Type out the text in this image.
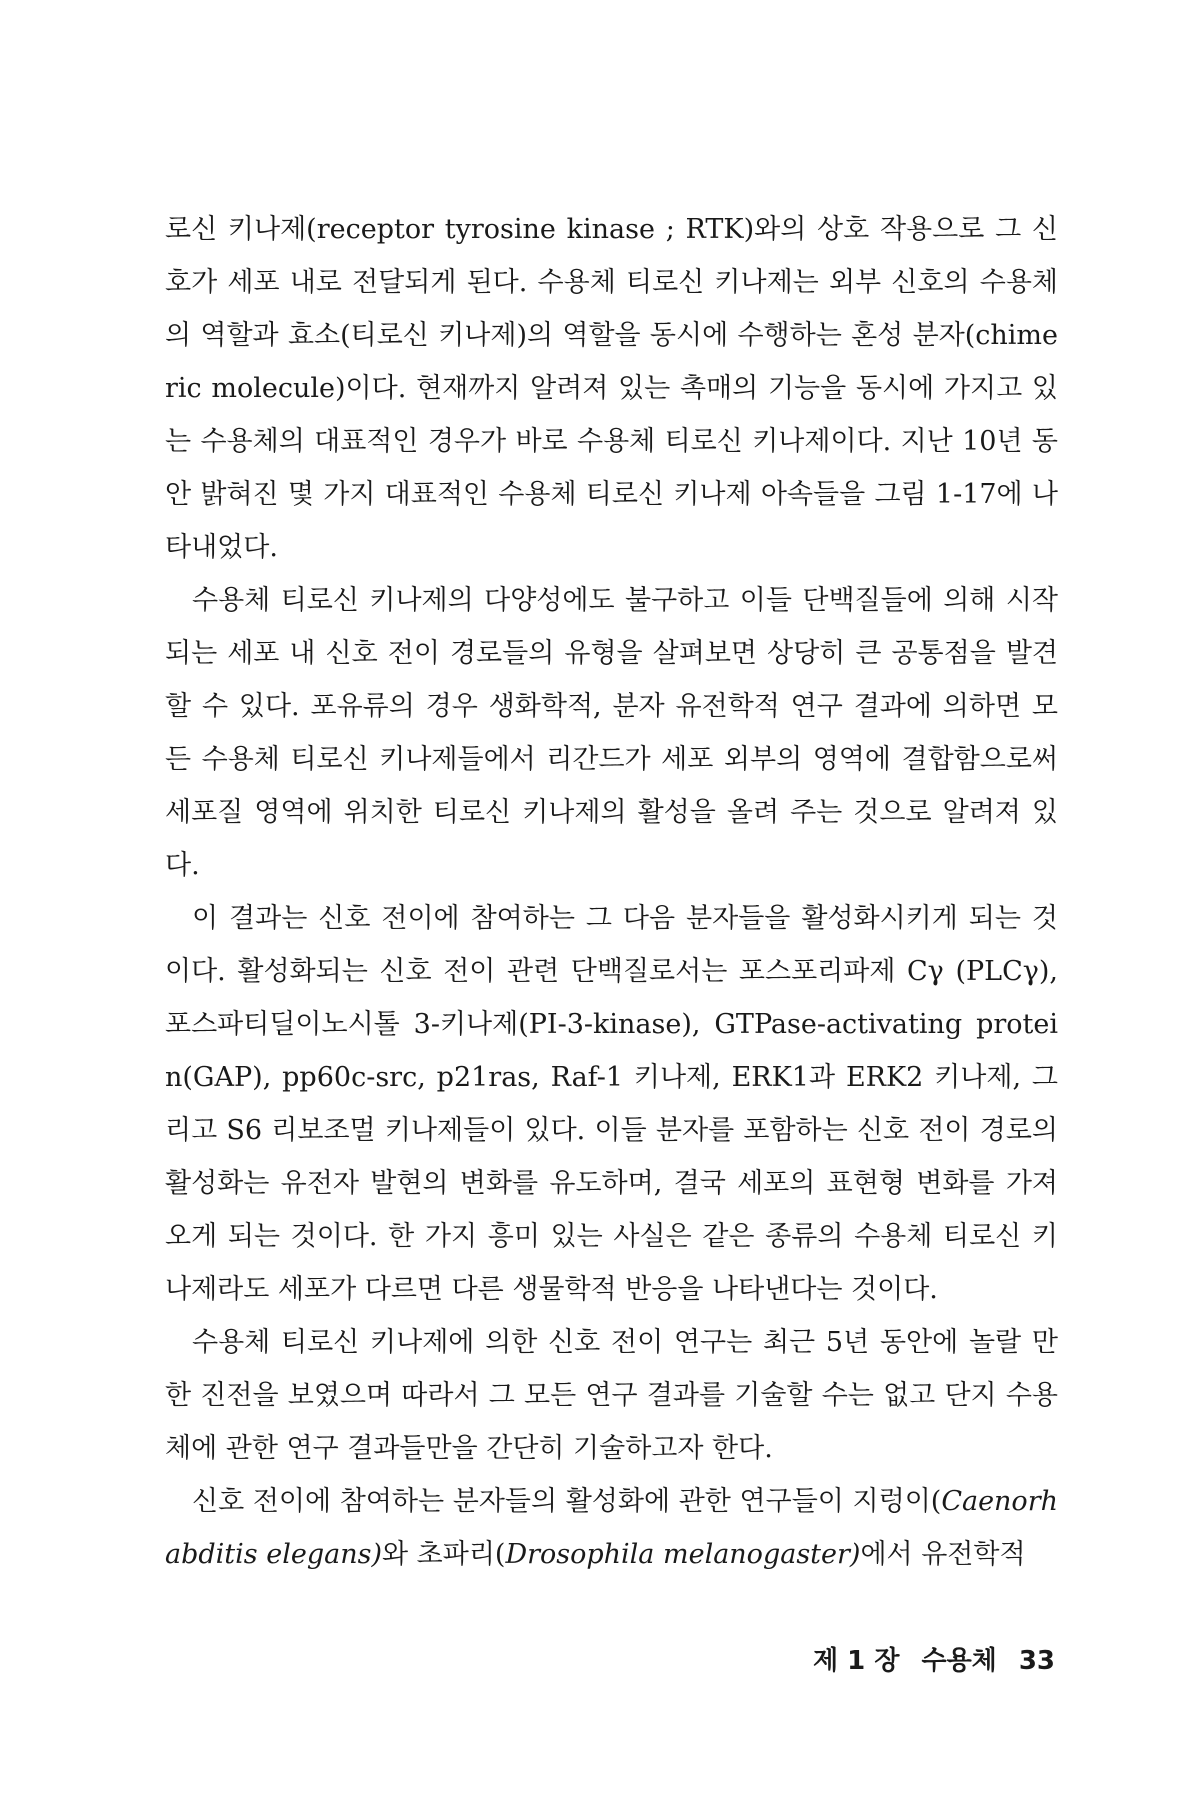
로신 키나제(receptor tyrosine kinase ; RTK)와의 상호 작용으로 그 신호가 세포 내로 전달되게 된다. 수용체 티로신 키나제는 외부 신호의 수용체의 역할과 효소(티로신 키나제)의 역할을 동시에 수행하는 혼성 분자(chimeric molecule)이다. 현재까지 알려져 있는 촉매의 기능을 동시에 가지고 있는 수용체의 대표적인 경우가 바로 수용체 티로신 키나제이다. 지난 10년 동안 밝혀진 몇 가지 대표적인 수용체 티로신 키나제 아속들을 그림 1-17에 나타내었다.

수용체 티로신 키나제의 다양성에도 불구하고 이들 단백질들에 의해 시작되는 세포 내 신호 전이 경로들의 유형을 살펴보면 상당히 큰 공통점을 발견할 수 있다. 포유류의 경우 생화학적, 분자 유전학적 연구 결과에 의하면 모든 수용체 티로신 키나제들에서 리간드가 세포 외부의 영역에 결합함으로써 세포질 영역에 위치한 티로신 키나제의 활성을 올려 주는 것으로 알려져 있다.

이 결과는 신호 전이에 참여하는 그 다음 분자들을 활성화시키게 되는 것이다. 활성화되는 신호 전이 관련 단백질로서는 포스포리파제 Cγ (PLCγ), 포스파티딜이노시톨 3-키나제(PI-3-kinase), GTPase-activating protein(GAP), pp60c-src, p21ras, Raf-1 키나제, ERK1과 ERK2 키나제, 그리고 S6 리보조멀 키나제들이 있다. 이들 분자를 포함하는 신호 전이 경로의 활성화는 유전자 발현의 변화를 유도하며, 결국 세포의 표현형 변화를 가져오게 되는 것이다. 한 가지 흥미 있는 사실은 같은 종류의 수용체 티로신 키나제라도 세포가 다르면 다른 생물학적 반응을 나타낸다는 것이다.

수용체 티로신 키나제에 의한 신호 전이 연구는 최근 5년 동안에 놀랄 만한 진전을 보였으며 따라서 그 모든 연구 결과를 기술할 수는 없고 단지 수용체에 관한 연구 결과들만을 간단히 기술하고자 한다.

신호 전이에 참여하는 분자들의 활성화에 관한 연구들이 지렁이(Caenorhabditis elegans)와 초파리(Drosophila melanogaster)에서 유전학적

제 1 장 수용체 33
